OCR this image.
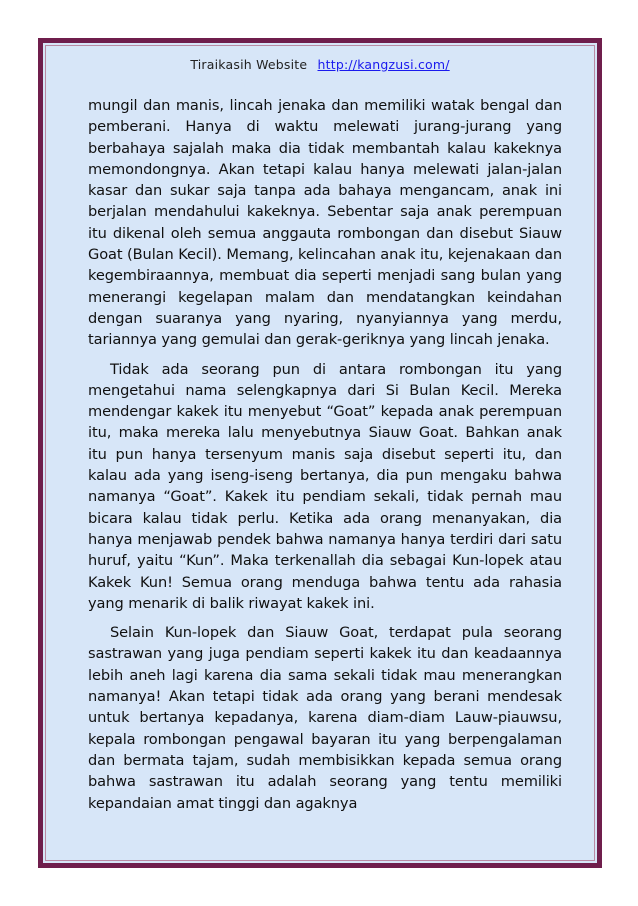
Tiraikasih Website http://kangzusi.com/

mungil dan manis, lincah jenaka dan memiliki watak bengal dan pemberani. Hanya di waktu melewati jurang-jurang yang berbahaya sajalah maka dia tidak membantah kalau kakeknya memondongnya. Akan tetapi kalau hanya melewati jalan-jalan kasar dan sukar saja tanpa ada bahaya mengancam, anak ini berjalan mendahului kakeknya. Sebentar saja anak perempuan itu dikenal oleh semua anggauta rombongan dan disebut Siauw Goat (Bulan Kecil). Memang, kelincahan anak itu, kejenakaan dan kegembiraannya, membuat dia seperti menjadi sang bulan yang menerangi kegelapan malam dan mendatangkan keindahan dengan suaranya yang nyaring, nyanyiannya yang merdu, tariannya yang gemulai dan gerak-geriknya yang lincah jenaka.

Tidak ada seorang pun di antara rombongan itu yang mengetahui nama selengkapnya dari Si Bulan Kecil. Mereka mendengar kakek itu menyebut “Goat” kepada anak perempuan itu, maka mereka lalu menyebutnya Siauw Goat. Bahkan anak itu pun hanya tersenyum manis saja disebut seperti itu, dan kalau ada yang iseng-iseng bertanya, dia pun mengaku bahwa namanya “Goat”. Kakek itu pendiam sekali, tidak pernah mau bicara kalau tidak perlu. Ketika ada orang menanyakan, dia hanya menjawab pendek bahwa namanya hanya terdiri dari satu huruf, yaitu “Kun”. Maka terkenallah dia sebagai Kun-lopek atau Kakek Kun! Semua orang menduga bahwa tentu ada rahasia yang menarik di balik riwayat kakek ini.

Selain Kun-lopek dan Siauw Goat, terdapat pula seorang sastrawan yang juga pendiam seperti kakek itu dan keadaannya lebih aneh lagi karena dia sama sekali tidak mau menerangkan namanya! Akan tetapi tidak ada orang yang berani mendesak untuk bertanya kepadanya, karena diam-diam Lauw-piauwsu, kepala rombongan pengawal bayaran itu yang berpengalaman dan bermata tajam, sudah membisikkan kepada semua orang bahwa sastrawan itu adalah seorang yang tentu memiliki kepandaian amat tinggi dan agaknya
